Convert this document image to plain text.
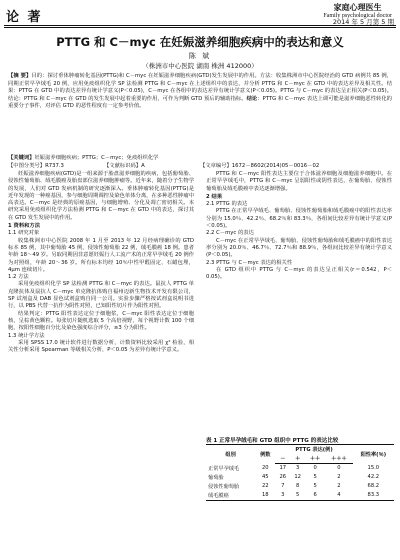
论 著
家庭心理医生
Family psychological doctor
2014 年 5 月第 5 期
PTTG 和 C－myc 在妊娠滋养细胞疾病中的表达和意义
陈 斌
（株洲市中心医院 湖南 株洲 412000）
【摘 要】目的：探讨垂体肿瘤转化基因(PTTG)和 C－myc 在妊娠滋养细胞疾病(GTD)发生发展中的作用。方法：收集株洲市中心医院经治的 GTD 病例共 85 例，同期正常早孕绒毛 20 例，应用免疫组织化学 SP 法检测 PTTG 和 C－myc 在上述组织中的表达，并分析 PTTG 和 C－myc 在 GTD 中的表达差异及相关性。结果：PTTG 在 GTD 中的表达差异有统计学意义(P＜0.05)，C－myc 在各组中的表达差异有统计学意义(P＜0.05)。PTTG 与 C－myc 的表达呈正相关(P＜0.05)。结论：PTTG 和 C－myc 在 GTD 的发生发展中起着重要的作用，可作为判断 GTD 预后的辅助指标。结论：PTTG 和 C－myc 表达上调可能是滋养细胞恶性转化的重要分子事件，对评估 GTD 的恶性程度有一定参考价值。
【关键词】妊娠滋养细胞疾病；PTTG；C－myc；免疫组织化学
【中图分类号】R737.3	【文献标识码】A	【文章编号】1672－8602(2014)05－0016－02

妊娠滋养细胞疾病(GTD)是一组来源于胎盘滋养细胞的疾病，包括葡萄胎、侵蚀性葡萄胎、绒毛膜癌及胎盘部位滋养细胞肿瘤等。近年来，随着分子生物学的发展，人们对 GTD 发病机制的研究逐渐深入。垂体肿瘤转化基因(PTTG)是近年发现的一种癌基因，参与细胞周期调控及染色单体分离，在多种恶性肿瘤中高表达。C－myc 是经典的原癌基因，与细胞增殖、分化及凋亡密切相关。本研究采用免疫组织化学方法检测 PTTG 和 C－myc 在 GTD 中的表达，探讨其在 GTD 发生发展中的作用。

1 资料和方法

1.1 研究对象

收集株洲市中心医院 2008 年 1 月至 2013 年 12 月经病理确诊的 GTD 标本 85 例，其中葡萄胎 45 例，侵蚀性葡萄胎 22 例，绒毛膜癌 18 例。患者年龄 18～49 岁。另取同期因非意愿妊娠行人工流产术的正常早孕绒毛 20 例作为对照组，年龄 20～36 岁。所有标本均经 10％中性甲醛固定、石蜡包埋，4μm 连续切片。

1.2 方法

采用免疫组织化学 SP 法检测 PTTG 和 C－myc 的表达。鼠抗人 PTTG 单克隆抗体及鼠抗人 C－myc 单克隆抗体购自福州迈新生物技术开发有限公司，SP 试剂盒及 DAB 显色试剂盒购自同一公司。实验步骤严格按试剂盒说明书进行，以 PBS 代替一抗作为阴性对照，已知阳性切片作为阳性对照。

结果判定：PTTG 阳性表达定位于细胞浆，C－myc 阳性表达定位于细胞核，呈棕黄色颗粒。每张切片随机选取 5 个高倍视野，每个视野计数 100 个细胞，按阳性细胞百分比及染色强度综合评分，≥3 分为阳性。

1.3 统计学方法

采用 SPSS 17.0 统计软件进行数据分析，计数资料比较采用 χ² 检验，相关性分析采用 Spearman 等级相关分析，P＜0.05 为差异有统计学意义。

PTTG 和 C－myc 阳性表达主要位于合体滋养细胞及细胞滋养细胞中。在正常早孕绒毛中，PTTG 和 C－myc 呈弱阳性或阴性表达，在葡萄胎、侵蚀性葡萄胎及绒毛膜癌中表达逐渐增强。

2 结果

2.1 PTTG 的表达

PTTG 在正常早孕绒毛、葡萄胎、侵蚀性葡萄胎和绒毛膜癌中的阳性表达率分别为 15.0％、42.2％、68.2％和 83.3％，各组间比较差异有统计学意义(P＜0.05)。

2.2 C－myc 的表达

C－myc 在正常早孕绒毛、葡萄胎、侵蚀性葡萄胎和绒毛膜癌中的阳性表达率分别为 20.0％、46.7％、72.7％和 88.9％，各组间比较差异有统计学意义(P＜0.05)。

2.3 PTTG 与 C－myc 表达的相关性

在 GTD 组织中 PTTG 与 C－myc 的表达呈正相关(r＝0.542，P＜0.05)。

表 1 正常早孕绒毛和 GTD 组织中 PTTG 的表达比较
组别	例数	PTTG 表达(例)				阳性率(％)
		－	＋	＋＋	＋＋＋	
正常早孕绒毛	20	17	3	0	0	15.0
葡萄胎	45	26	12	5	2	42.2
侵蚀性葡萄胎	22	7	8	5	2	68.2
绒毛膜癌	18	3	5	6	4	83.3
